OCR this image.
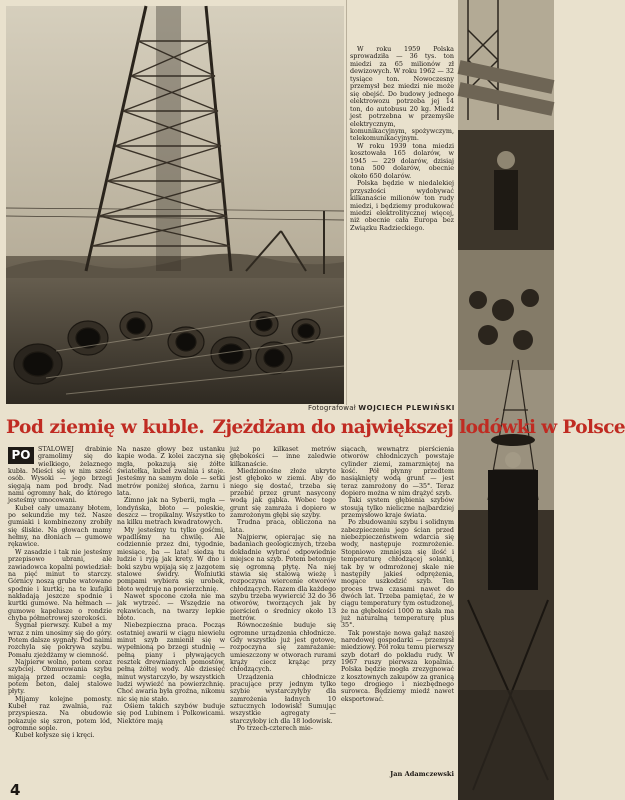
W roku 1959 Polska sprowadziła — 36 tys. ton miedzi za 65 milionów zł dewizowych. W roku 1962 — 32 tysiące ton. Nowoczesny przemysł bez miedzi nie może się obejść. Do budowy jednego elektrowozu potrzeba jej 14 ton, do autobusu 20 kg. Miedź jest potrzebna w przemyśle elektrycznym, komunikacyjnym, spożywczym, telekomunikacyjnym.

W roku 1939 tona miedzi kosztowała 165 dolarów, w 1945 — 229 dolarów, dzisiaj tona 500 dolarów, obecnie około 650 dolarów.

Polska będzie w niedalekiej przyszłości wydobywać kilkanaście milionów ton rudy miedzi, i będziemy produkować miedzi elektrolitycznej więcej, niż obecnie cała Europa bez Związku Radzieckiego.

Fotografował WOJCIECH PLEWIŃSKI
Pod ziemię w kuble. Zjeżdżam do największej lodówki w Polsce
PO	STALOWEJ drabinie gramolimy się do wielkiego, żelaznego kubła. Mieści się w nim sześć osób. Wysoki — jego brzegi sięgają nam pod brody. Nad nami ogromny hak, do którego jesteśmy umocowani.

Kubeł cały umazany błotem, po sekundzie my też. Nasze gumiaki i kombinezony zrobiły się śliskie. Na głowach mamy hełmy, na dłoniach — gumowe rękawice.

W zasadzie i tak nie jesteśmy przepisowo ubrani, ale zawiadowca kopalni powiedział: na pięć minut to starczy. Górnicy noszą grube watowane spodnie i kurtki; na te kufajki nakładają jeszcze spodnie i kurtki gumowe. Na hełmach — gumowe kapelusze o rondzie chyba półmetrowej szerokości.

Sygnał pierwszy. Kubeł a my wraz z nim unosimy się do góry. Potem dalsze sygnały. Pod naimi rozchyla się pokrywa szybu. Pomału zjeżdżamy w ciemność.

Najpierw wolno, potem coraz szybciej. Obmurowania szybu migają przed oczami: cegła, potem beton, dalej stalowe płyty.

Mijamy kolejne pomosty. Kubeł raz zwalnia, raz przyspiesza. Na obudowie pokazuje się szron, potem lód, ogromne sople.

Kubeł kołysze się i kręci.

Na nasze głowy bez ustanku kapie woda. Z kolei zaczyna się mgła, pokazują się żółte światełka, kubeł zwalnia i staje. Jesteśmy na samym dole — setki metrów poniżej słońca, żarnu i lata.

Zimno jak na Syberii, mgła — londyńska, błoto — poleskie, deszcz — tropikalny. Wszystko to na kilku metrach kwadratowych.

My jesteśmy tu tylko gośćmi, wpadliśmy na chwilę. Ale codziennie przez dni, tygodnie, miesiące, ba — lata! siedzą tu ludzie i ryją jak krety. W dno i boki szybu wpijają się z jazgotem stalowe świdry. Wolniutki pompami wybiera się urobek, błoto wędruje na powierzchnię.

Nawet spocone czoła nie ma jak wytrzeć. — Wszędzie na rękawicach, na twarzy lepkie błoto.

Niebezpieczna praca. Począs ostatniej awarii w ciągu niewielu minut szyb zamienił się w wypełnioną po brzegi studnię — pełną piany i pływających resztek drewnianych pomostów, pełną żółtej wody. Ale dziesięć minut wystarczyło, by wszystkich ludzi wywieźć na powierzchnię. Choć awaria była groźna, nikomu nic się nie stało.

Ośiem takich szybów buduje się pod Lubinem i Polkowicami. Niektóre mają

już po kilkaset metrów głębokości — inne zaledwie kilkanaście.

Miedzionośne złoże ukryte jest głęboko w ziemi. Aby do niego się dostać, trzeba się przebić przez grunt nasycony wodą jak gąbka. Wobec tego grunt się zamraża i dopiero w zamrożonym głębi się szyby.

Trudna praca, obliczona na lata.

Najpierw, opierając się na badaniach geologicznych, trzeba dokładnie wybrać odpowiednie miejsce na szyb. Potem betonuje się ogromną płytę. Na niej stawia się stalową wieżę i rozpoczyna wiercenie otworów chłodzących. Razem dla każdego szybu trzeba wywiercić 32 do 36 otworów, tworzących jak by pierścień o średnicy około 13 metrów.

Równocześnie buduje się ogromne urządzenia chłodnicze. Gdy wszystko już jest gotowe, rozpoczyna się zamrażanie: umieszczony w otworach rurami krąży ciecz krążąc przy chłodzących.

Urządzenia chłodnicze pracujące przy jednym tylko szybie wystarczyłyby dla zamrożenia ładnych 10 sztucznych lodowisk! Sumując wszystkie agregaty — starczyłoby ich dla 18 lodowisk.

Po trzech-czterech mie-

siącach, wewnątrz pierścienia otworów chłodniczych powstaje cylinder ziemi, zamarzniętej na kość. Pół płynny przedtem nasiąknięty wodą grunt — jest teraz zamrożony do —35°. Teraz dopiero można w nim drążyć szyb.

Taki system głębienia szybów stosują tylko nieliczne najbardziej przemysłowo kraje świata.

Po zbudowaniu szybu i solidnym zabezpieczeniu jego ścian przed niebezpieczeństwem wdarcia się wody, następuje rozmrożenie. Stopniowo zmniejsza się ilość i temperaturę chłodzącej solanki, tak by w odmrożonej skale nie następiły jakieś odprężenia, mogące uszkodzić szyb. Ten proces trwa czasami nawet do dwóch lat. Trzeba pamiętać, że w ciągu temperatury tym ostudzonej, że na głębokości 1000 m skała ma już naturalną temperaturę plus 35°.

Tak powstaje nowa gałąź naszej narodowej gospodarki — przemysł miedziowy. Pół roku temu pierwszy szyb dotarł do pokładu rudy. W 1967 ruszy pierwsza kopalnia. Polska będzie mogła zrezygnować z kosztownych zakupów za granicą tego drogiego i niezbędnego surowca. Będziemy miedź nawet eksportować.

Jan Adamczewski
4
